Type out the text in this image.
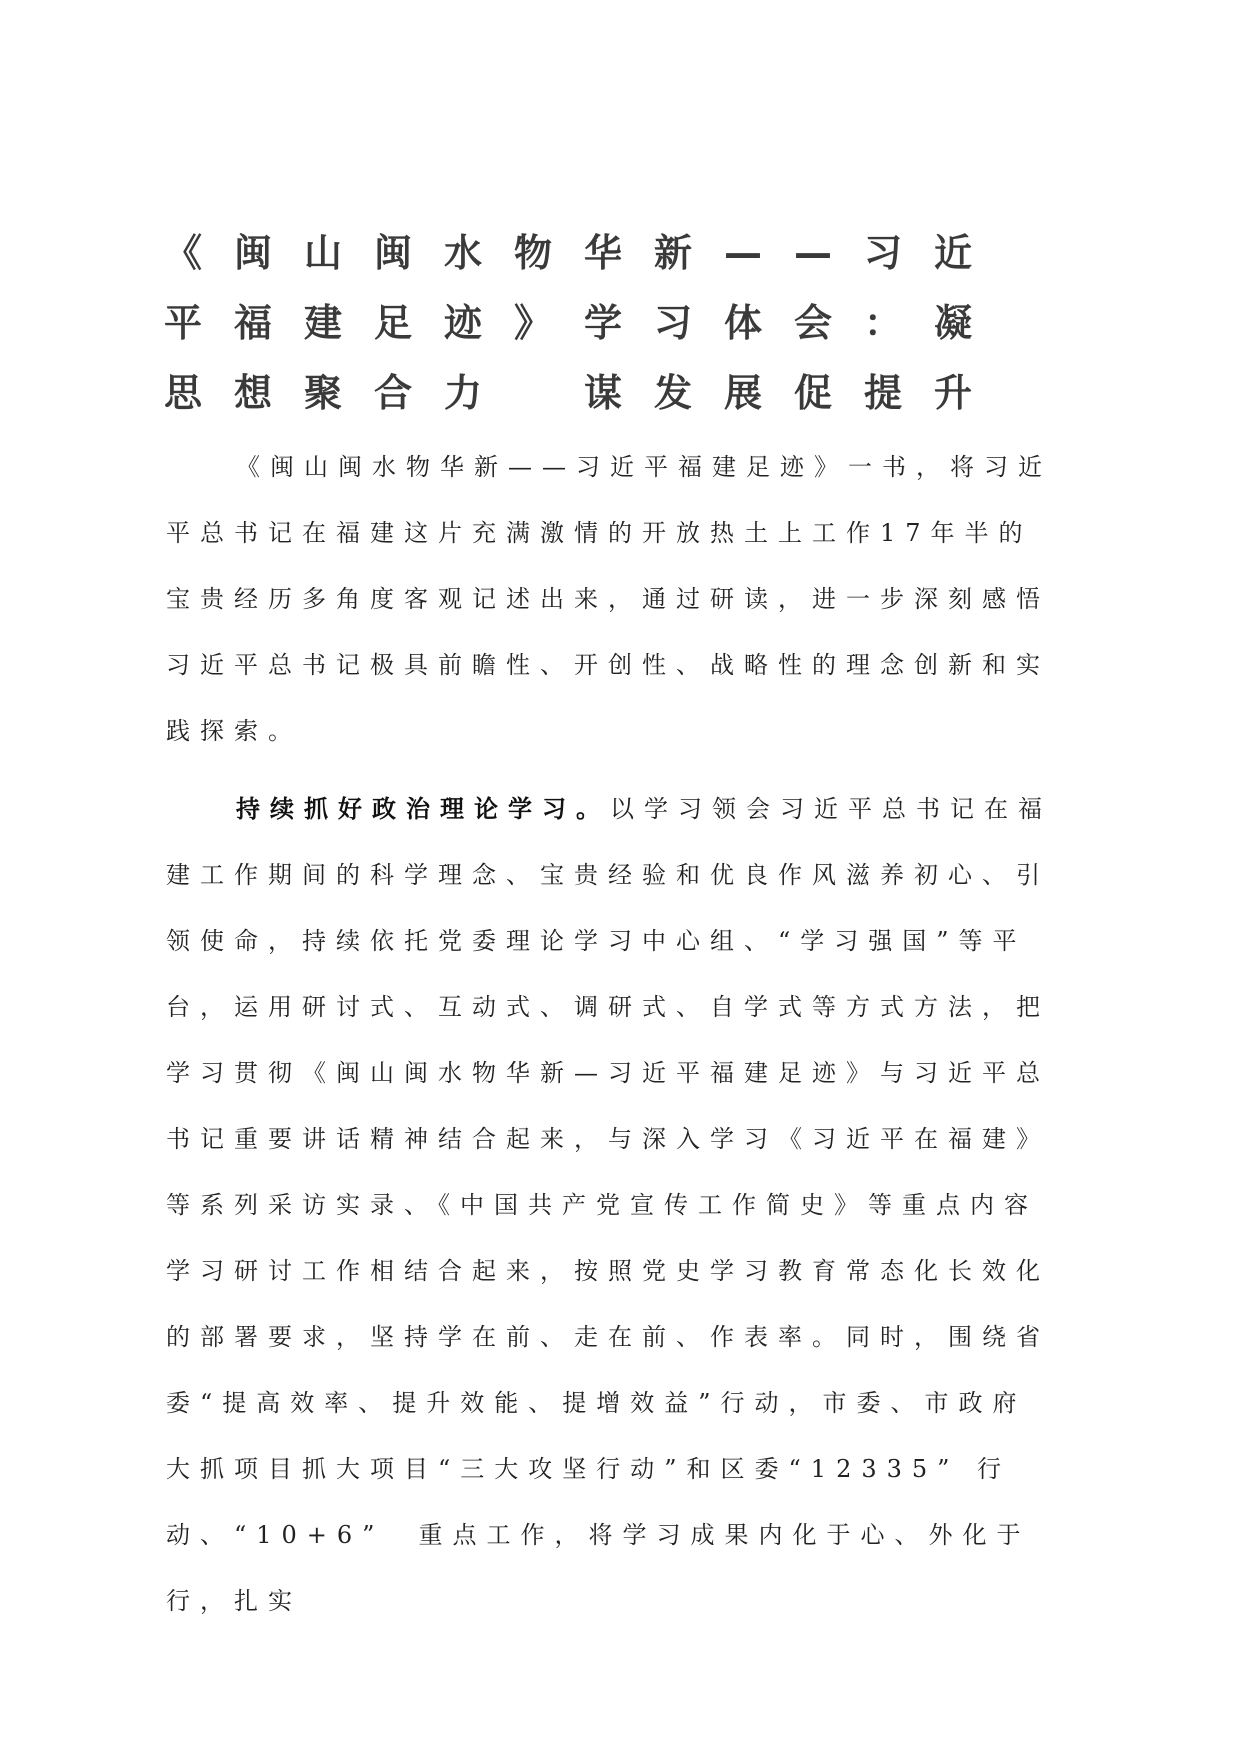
《闽山闽水物华新——习近平福建足迹》学习体会：凝思想聚合力　谋发展促提升

《闽山闽水物华新——习近平福建足迹》一书，将习近平总书记在福建这片充满激情的开放热土上工作17年半的宝贵经历多角度客观记述出来，通过研读，进一步深刻感悟习近平总书记极具前瞻性、开创性、战略性的理念创新和实践探索。

持续抓好政治理论学习。以学习领会习近平总书记在福建工作期间的科学理念、宝贵经验和优良作风滋养初心、引领使命，持续依托党委理论学习中心组、“学习强国”等平台，运用研讨式、互动式、调研式、自学式等方式方法，把学习贯彻《闽山闽水物华新—习近平福建足迹》与习近平总书记重要讲话精神结合起来，与深入学习《习近平在福建》等系列采访实录、《中国共产党宣传工作简史》等重点内容学习研讨工作相结合起来，按照党史学习教育常态化长效化的部署要求，坚持学在前、走在前、作表率。同时，围绕省委“提高效率、提升效能、提增效益”行动，市委、市政府大抓项目抓大项目“三大攻坚行动”和区委“12335” 行动、“10+6”　重点工作，将学习成果内化于心、外化于行，扎实
